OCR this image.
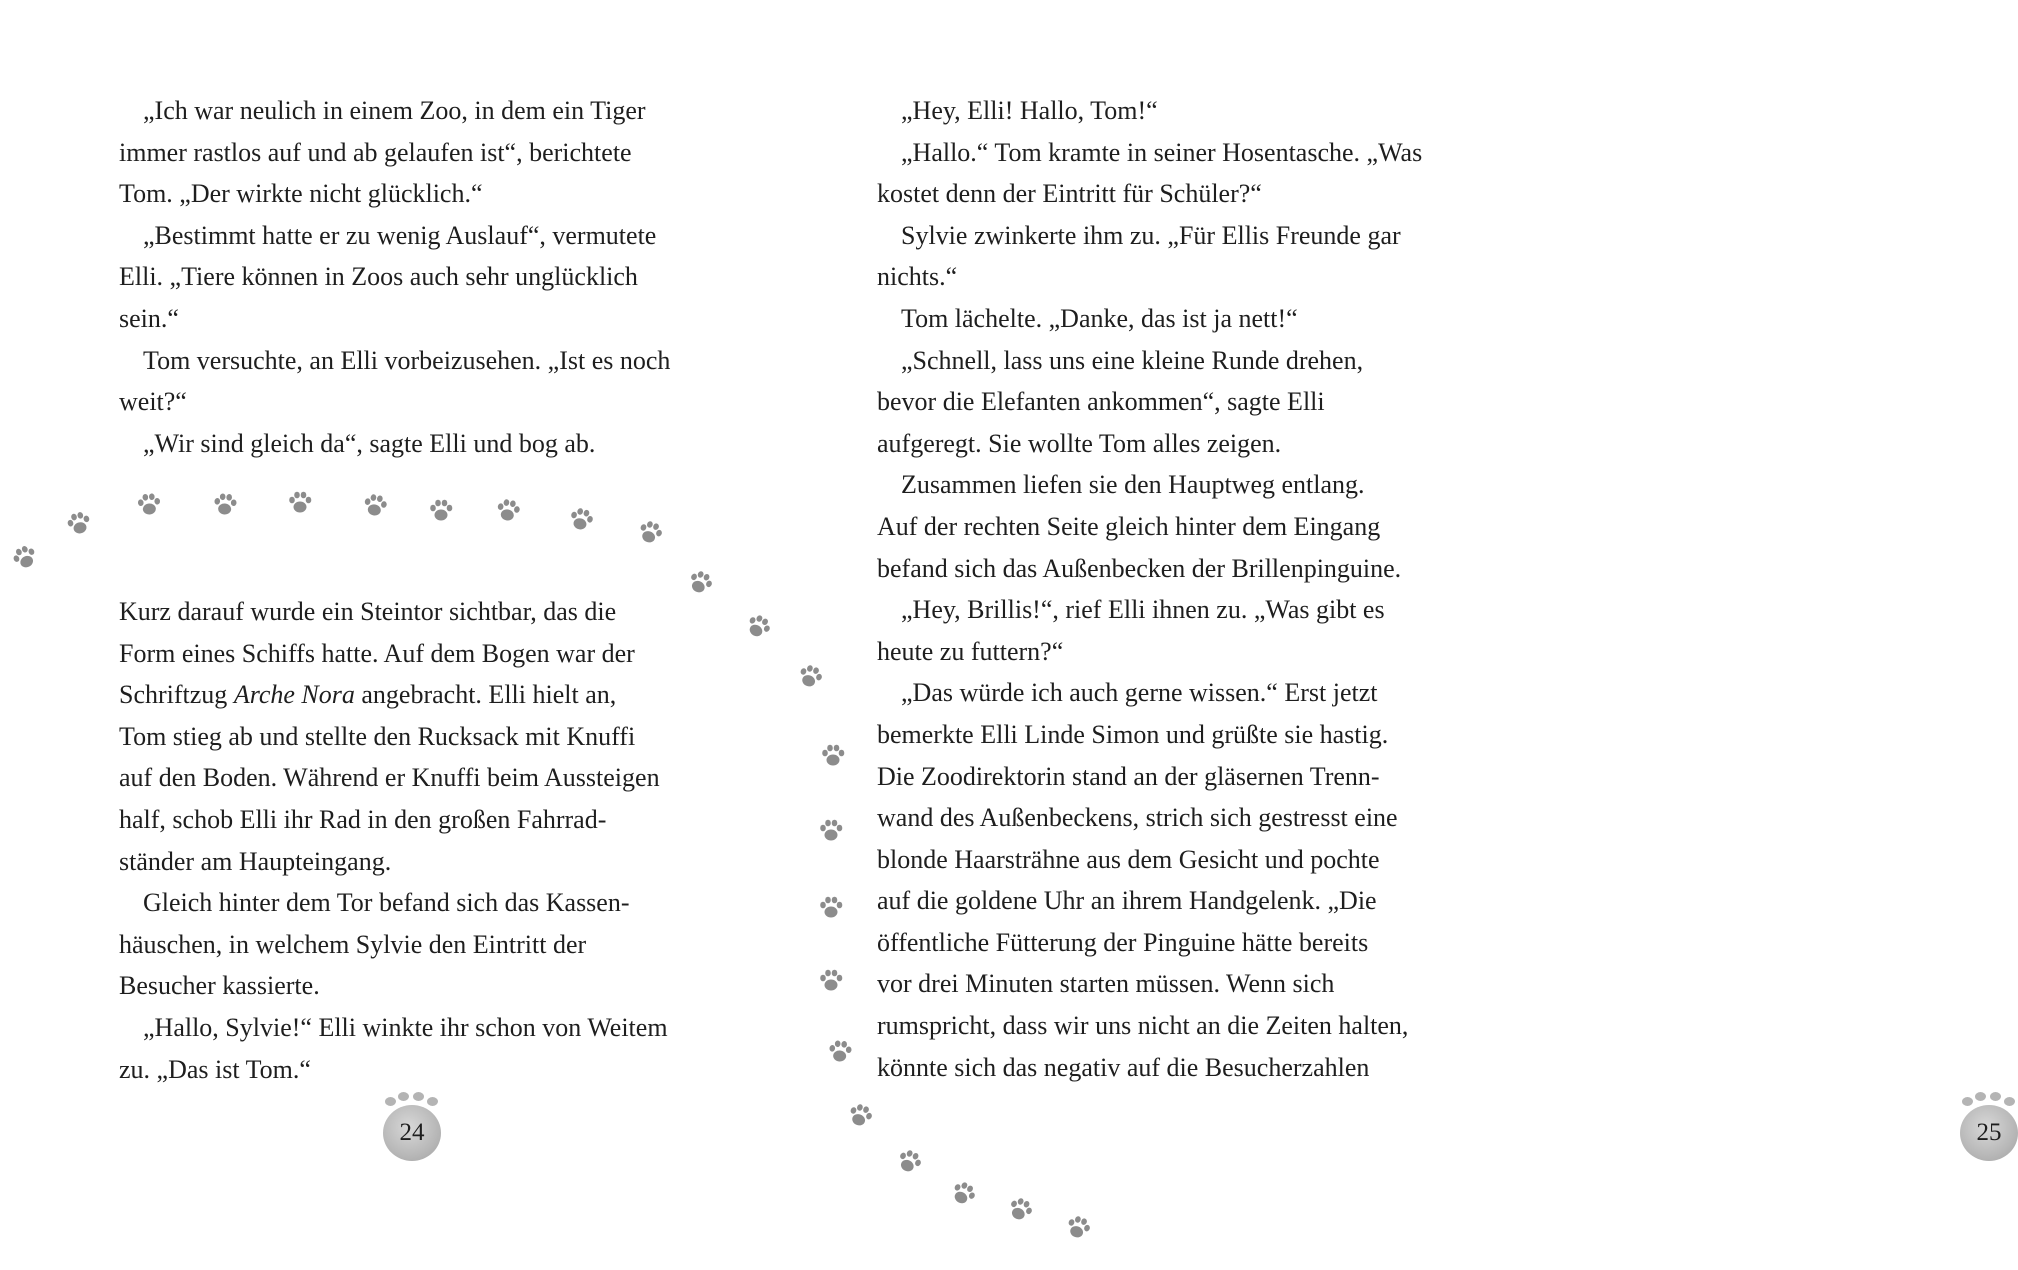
„Ich war neulich in einem Zoo, in dem ein Tiger
immer rastlos auf und ab gelaufen ist“, berichtete
Tom. „Der wirkte nicht glücklich.“
„Bestimmt hatte er zu wenig Auslauf“, vermutete
Elli. „Tiere können in Zoos auch sehr unglücklich
sein.“
Tom versuchte, an Elli vorbeizusehen. „Ist es noch
weit?“
„Wir sind gleich da“, sagte Elli und bog ab.
Kurz darauf wurde ein Steintor sichtbar, das die
Form eines Schiffs hatte. Auf dem Bogen war der
Schriftzug Arche Nora angebracht. Elli hielt an,
Tom stieg ab und stellte den Rucksack mit Knuffi
auf den Boden. Während er Knuffi beim Aussteigen
half, schob Elli ihr Rad in den großen Fahrrad-
ständer am Haupteingang.
Gleich hinter dem Tor befand sich das Kassen-
häuschen, in welchem Sylvie den Eintritt der
Besucher kassierte.
„Hallo, Sylvie!“ Elli winkte ihr schon von Weitem
zu. „Das ist Tom.“
24
„Hey, Elli! Hallo, Tom!“
„Hallo.“ Tom kramte in seiner Hosentasche. „Was
kostet denn der Eintritt für Schüler?“
Sylvie zwinkerte ihm zu. „Für Ellis Freunde gar
nichts.“
Tom lächelte. „Danke, das ist ja nett!“
„Schnell, lass uns eine kleine Runde drehen,
bevor die Elefanten ankommen“, sagte Elli
aufgeregt. Sie wollte Tom alles zeigen.
Zusammen liefen sie den Hauptweg entlang.
Auf der rechten Seite gleich hinter dem Eingang
befand sich das Außenbecken der Brillenpinguine.
„Hey, Brillis!“, rief Elli ihnen zu. „Was gibt es
heute zu futtern?“
„Das würde ich auch gerne wissen.“ Erst jetzt
bemerkte Elli Linde Simon und grüßte sie hastig.
Die Zoodirektorin stand an der gläsernen Trenn-
wand des Außenbeckens, strich sich gestresst eine
blonde Haarsträhne aus dem Gesicht und pochte
auf die goldene Uhr an ihrem Handgelenk. „Die
öffentliche Fütterung der Pinguine hätte bereits
vor drei Minuten starten müssen. Wenn sich
rumspricht, dass wir uns nicht an die Zeiten halten,
könnte sich das negativ auf die Besucherzahlen
25
